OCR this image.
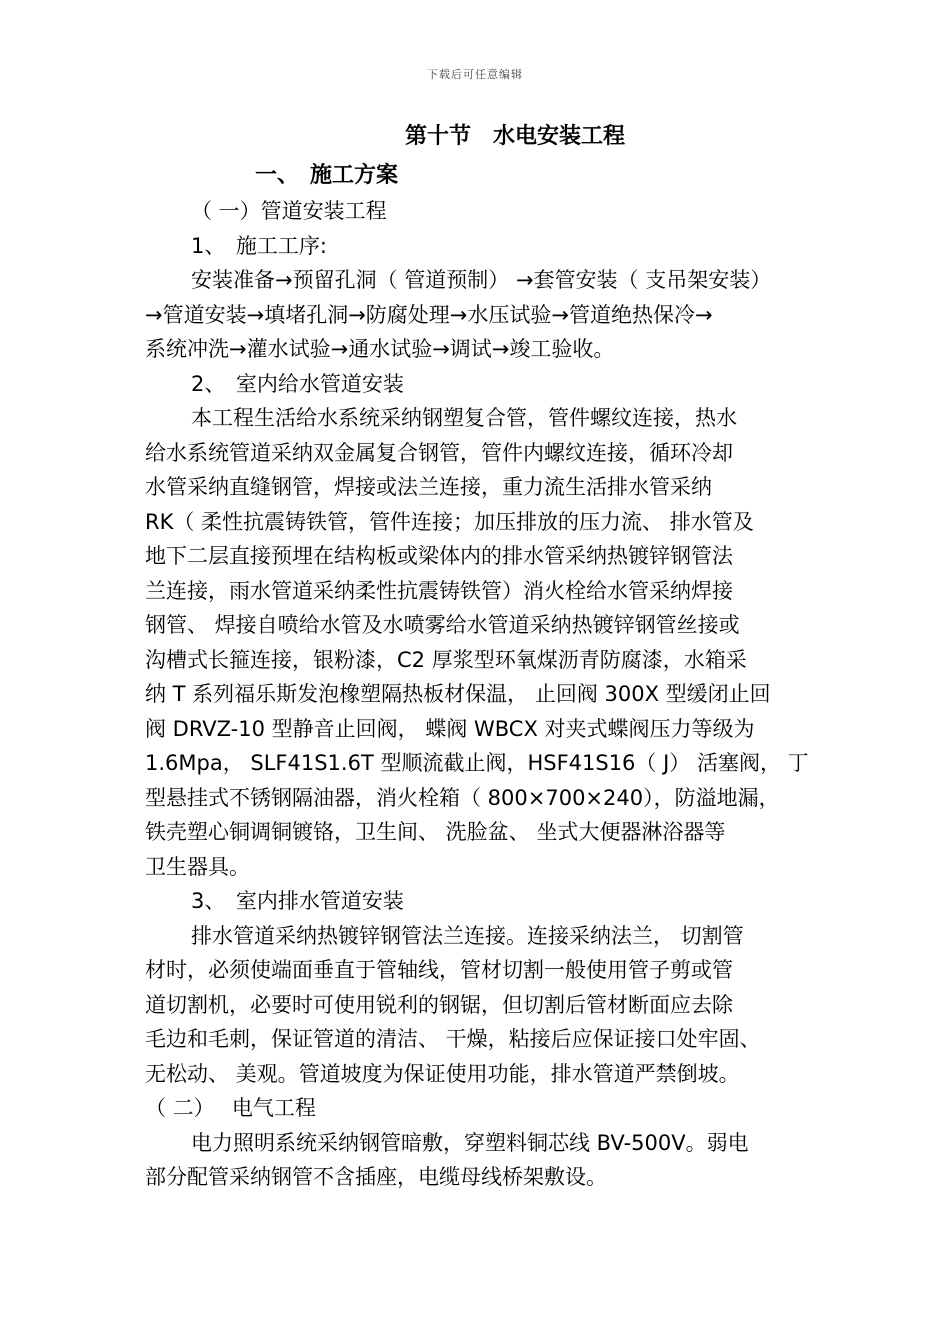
下载后可任意编辑
第十节　水电安装工程
一、　施工方案
（ 一）管道安装工程
1、　施工工序:
安装准备→预留孔洞（ 管道预制） →套管安装（ 支吊架安装）
→管道安装→填堵孔洞→防腐处理→水压试验→管道绝热保冷→
系统冲洗→灌水试验→通水试验→调试→竣工验收。
2、　室内给水管道安装
本工程生活给水系统采纳钢塑复合管，管件螺纹连接，热水
给水系统管道采纳双金属复合钢管，管件内螺纹连接，循环冷却
水管采纳直缝钢管，焊接或法兰连接，重力流生活排水管采纳
RK（ 柔性抗震铸铁管，管件连接；加压排放的压力流、 排水管及
地下二层直接预埋在结构板或梁体内的排水管采纳热镀锌钢管法
兰连接，雨水管道采纳柔性抗震铸铁管）消火栓给水管采纳焊接
钢管、 焊接自喷给水管及水喷雾给水管道采纳热镀锌钢管丝接或
沟槽式长箍连接，银粉漆，C2 厚浆型环氧煤沥青防腐漆，水箱采
纳 T 系列福乐斯发泡橡塑隔热板材保温， 止回阀 300X 型缓闭止回
阀 DRVZ-10 型静音止回阀， 蝶阀 WBCX 对夹式蝶阀压力等级为
1.6Mpa， SLF41S1.6T 型顺流截止阀，HSF41S16（ J） 活塞阀， 丁
型悬挂式不锈钢隔油器，消火栓箱（ 800×700×240），防溢地漏，
铁壳塑心铜调铜镀铬，卫生间、 洗脸盆、 坐式大便器淋浴器等
卫生器具。
3、　室内排水管道安装
排水管道采纳热镀锌钢管法兰连接。连接采纳法兰， 切割管
材时，必须使端面垂直于管轴线，管材切割一般使用管子剪或管
道切割机，必要时可使用锐利的钢锯，但切割后管材断面应去除
毛边和毛刺，保证管道的清洁、 干燥，粘接后应保证接口处牢固、
无松动、 美观。管道坡度为保证使用功能，排水管道严禁倒坡。
（ 二）　 电气工程
电力照明系统采纳钢管暗敷，穿塑料铜芯线 BV-500V。弱电
部分配管采纳钢管不含插座，电缆母线桥架敷设。
